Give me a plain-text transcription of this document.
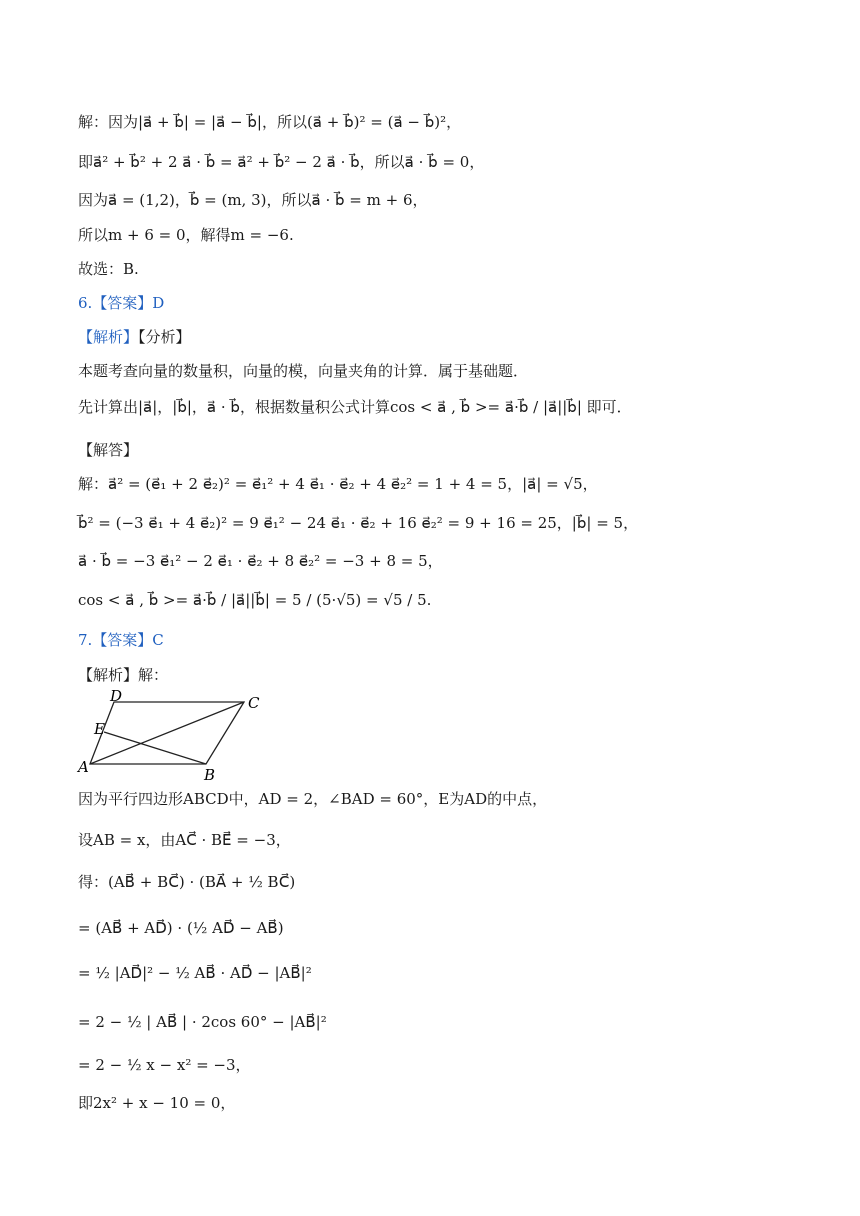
解：因为|a⃗ + b⃗| = |a⃗ − b⃗|，所以(a⃗ + b⃗)² = (a⃗ − b⃗)²，
即a⃗² + b⃗² + 2 a⃗ · b⃗ = a⃗² + b⃗² − 2 a⃗ · b⃗，所以a⃗ · b⃗ = 0，
因为a⃗ = (1,2)，b⃗ = (m, 3)，所以a⃗ · b⃗ = m + 6，
所以m + 6 = 0，解得m = −6.
故选：B.
6.【答案】D
【解析】【分析】
本题考查向量的数量积，向量的模，向量夹角的计算．属于基础题．
先计算出|a⃗|，|b⃗|，a⃗ · b⃗，根据数量积公式计算cos < a⃗ , b⃗ >= a⃗·b⃗ / |a⃗||b⃗| 即可．
【解答】
解：a⃗² = (e⃗₁ + 2 e⃗₂)² = e⃗₁² + 4 e⃗₁ · e⃗₂ + 4 e⃗₂² = 1 + 4 = 5，|a⃗| = √5，
b⃗² = (−3 e⃗₁ + 4 e⃗₂)² = 9 e⃗₁² − 24 e⃗₁ · e⃗₂ + 16 e⃗₂² = 9 + 16 = 25，|b⃗| = 5，
a⃗ · b⃗ = −3 e⃗₁² − 2 e⃗₁ · e⃗₂ + 8 e⃗₂² = −3 + 8 = 5，
cos < a⃗ , b⃗ >= a⃗·b⃗ / |a⃗||b⃗| = 5 / (5·√5) = √5 / 5.
7.【答案】C
【解析】解：
A	B
C
D
E
因为平行四边形ABCD中，AD = 2，∠BAD = 60°，E为AD的中点，
设AB = x，由AC⃗ · BE⃗ = −3，
得：(AB⃗ + BC⃗) · (BA⃗ + ½ BC⃗)
= (AB⃗ + AD⃗) · (½ AD⃗ − AB⃗)
= ½ |AD⃗|² − ½ AB⃗ · AD⃗ − |AB⃗|²
= 2 − ½ | AB⃗ | · 2cos 60° − |AB⃗|²
= 2 − ½ x − x² = −3，
即2x² + x − 10 = 0，
